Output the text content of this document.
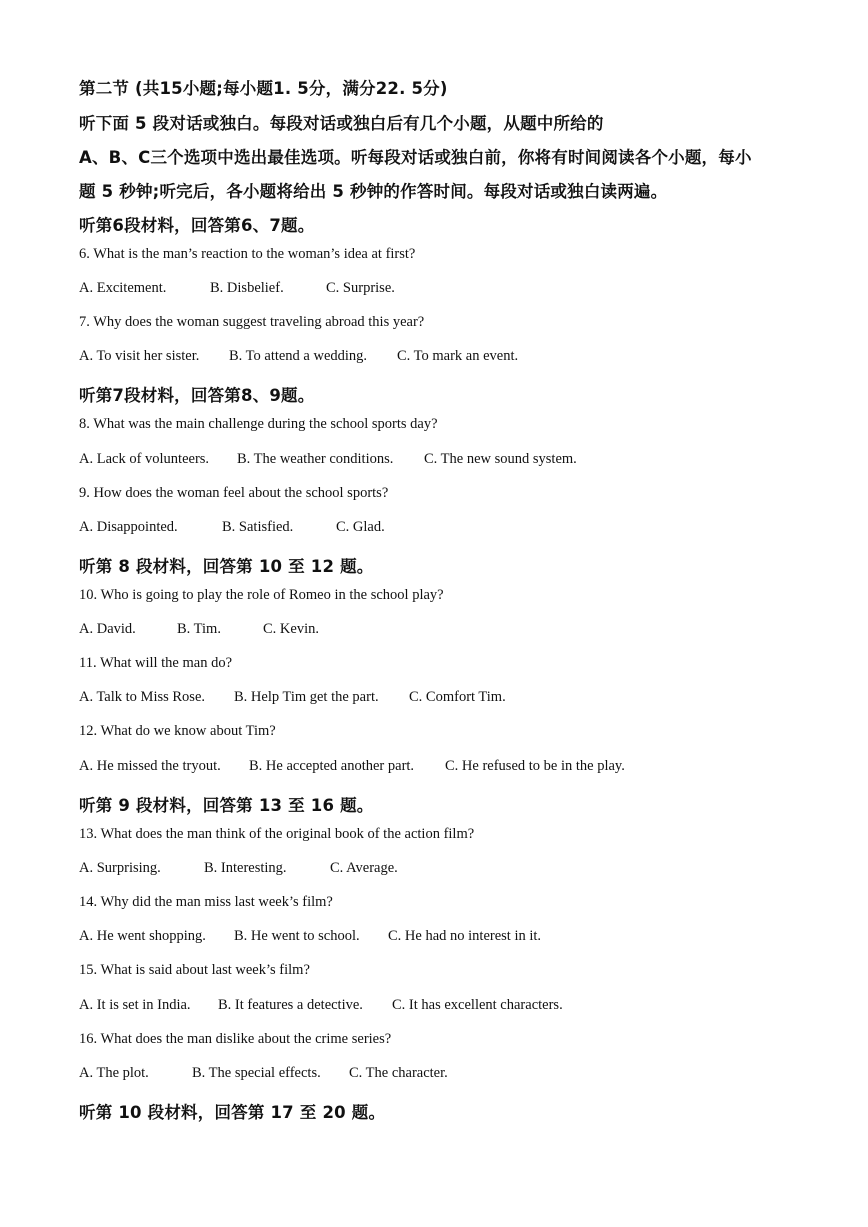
第二节 (共15小题;每小题1. 5分，满分22. 5分)
听下面 5 段对话或独白。每段对话或独白后有几个小题，从题中所给的
A、B、C三个选项中选出最佳选项。听每段对话或独白前，你将有时间阅读各个小题，每小
题 5 秒钟;听完后，各小题将给出 5 秒钟的作答时间。每段对话或独白读两遍。
听第6段材料，回答第6、7题。
6. What is the man’s reaction to the woman’s idea at first?
A. Excitement.	B. Disbelief.	C. Surprise.
7. Why does the woman suggest traveling abroad this year?
A. To visit her sister. B. To attend a wedding. C. To mark an event.
听第7段材料，回答第8、9题。
8. What was the main challenge during the school sports day?
A. Lack of volunteers. B. The weather conditions. C. The new sound system.
9. How does the woman feel about the school sports?
A. Disappointed.	B. Satisfied.	C. Glad.
听第 8 段材料，回答第 10 至 12 题。
10. Who is going to play the role of Romeo in the school play?
A. David.	B. Tim.	C. Kevin.
11. What will the man do?
A. Talk to Miss Rose. B. Help Tim get the part. C. Comfort Tim.
12. What do we know about Tim?
A. He missed the tryout. B. He accepted another part. C. He refused to be in the play.
听第 9 段材料，回答第 13 至 16 题。
13. What does the man think of the original book of the action film?
A. Surprising.	B. Interesting.	C. Average.
14. Why did the man miss last week’s film?
A. He went shopping. B. He went to school. C. He had no interest in it.
15. What is said about last week’s film?
A. It is set in India. B. It features a detective. C. It has excellent characters.
16. What does the man dislike about the crime series?
A. The plot.	B. The special effects. C. The character.
听第 10 段材料，回答第 17 至 20 题。
